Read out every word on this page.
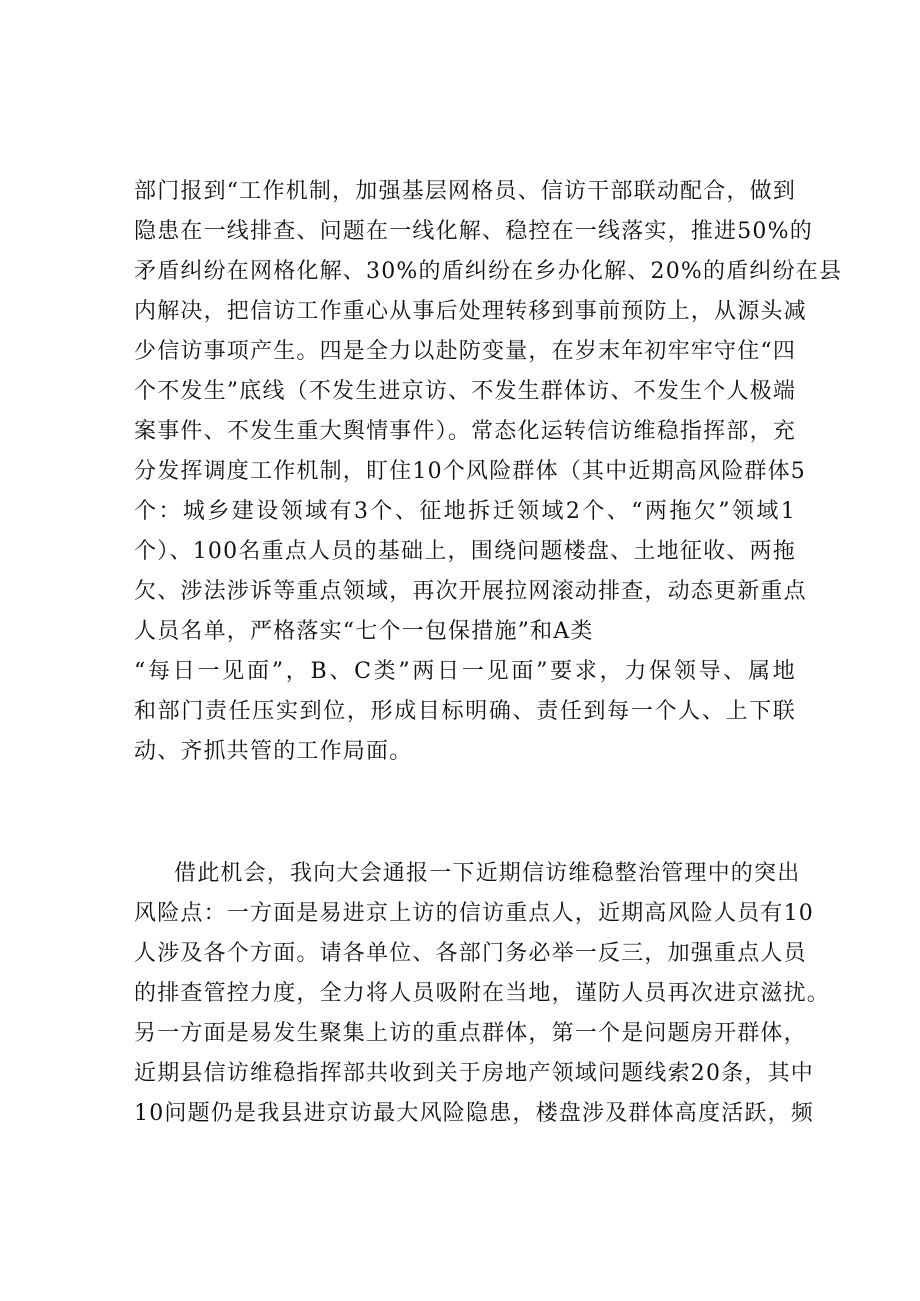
部门报到“工作机制，加强基层网格员、信访干部联动配合，做到
隐患在一线排查、问题在一线化解、稳控在一线落实，推进50%的
矛盾纠纷在网格化解、30%的盾纠纷在乡办化解、20%的盾纠纷在县
内解决，把信访工作重心从事后处理转移到事前预防上，从源头减
少信访事项产生。四是全力以赴防变量，在岁末年初牢牢守住“四
个不发生”底线（不发生进京访、不发生群体访、不发生个人极端
案事件、不发生重大舆情事件）。常态化运转信访维稳指挥部，充
分发挥调度工作机制，盯住10个风险群体（其中近期高风险群体5
个：城乡建设领域有3个、征地拆迁领域2个、“两拖欠”领域1
个）、100名重点人员的基础上，围绕问题楼盘、土地征收、两拖
欠、涉法涉诉等重点领域，再次开展拉网滚动排查，动态更新重点
人员名单，严格落实“七个一包保措施”和A类
“每日一见面”，B、C类”两日一见面”要求，力保领导、属地
和部门责任压实到位，形成目标明确、责任到每一个人、上下联
动、齐抓共管的工作局面。
借此机会，我向大会通报一下近期信访维稳整治管理中的突出
风险点：一方面是易进京上访的信访重点人，近期高风险人员有10
人涉及各个方面。请各单位、各部门务必举一反三，加强重点人员
的排查管控力度，全力将人员吸附在当地，谨防人员再次进京滋扰。
另一方面是易发生聚集上访的重点群体，第一个是问题房开群体，
近期县信访维稳指挥部共收到关于房地产领域问题线索20条，其中
10问题仍是我县进京访最大风险隐患，楼盘涉及群体高度活跃，频
